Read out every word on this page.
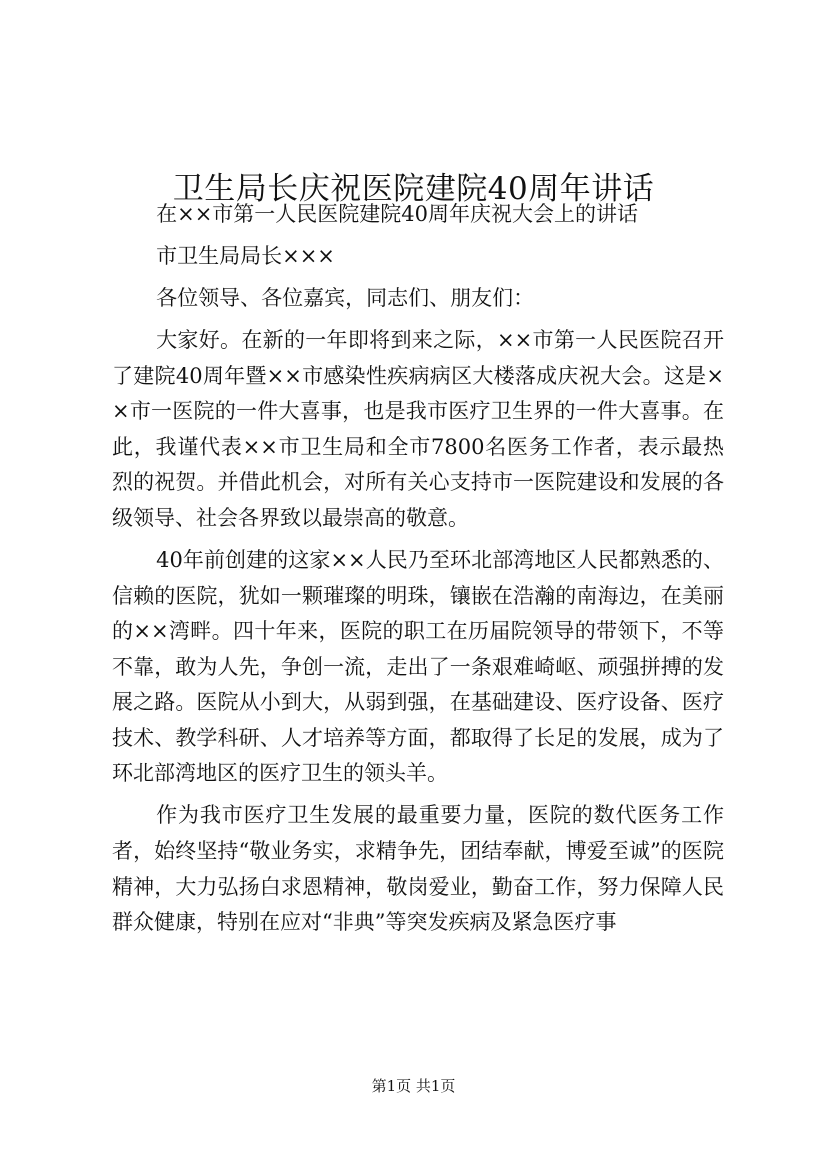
卫生局长庆祝医院建院40周年讲话

在××市第一人民医院建院40周年庆祝大会上的讲话

市卫生局局长×××

各位领导、各位嘉宾，同志们、朋友们：

大家好。在新的一年即将到来之际，××市第一人民医院召开了建院40周年暨××市感染性疾病病区大楼落成庆祝大会。这是××市一医院的一件大喜事，也是我市医疗卫生界的一件大喜事。在此，我谨代表××市卫生局和全市7800名医务工作者，表示最热烈的祝贺。并借此机会，对所有关心支持市一医院建设和发展的各级领导、社会各界致以最崇高的敬意。

40年前创建的这家××人民乃至环北部湾地区人民都熟悉的、信赖的医院，犹如一颗璀璨的明珠，镶嵌在浩瀚的南海边，在美丽的××湾畔。四十年来，医院的职工在历届院领导的带领下，不等不靠，敢为人先，争创一流，走出了一条艰难崎岖、顽强拼搏的发展之路。医院从小到大，从弱到强，在基础建设、医疗设备、医疗技术、教学科研、人才培养等方面，都取得了长足的发展，成为了环北部湾地区的医疗卫生的领头羊。

作为我市医疗卫生发展的最重要力量，医院的数代医务工作者，始终坚持“敬业务实，求精争先，团结奉献，博爱至诚”的医院精神，大力弘扬白求恩精神，敬岗爱业，勤奋工作，努力保障人民群众健康，特别在应对“非典”等突发疾病及紧急医疗事

第1页 共1页
